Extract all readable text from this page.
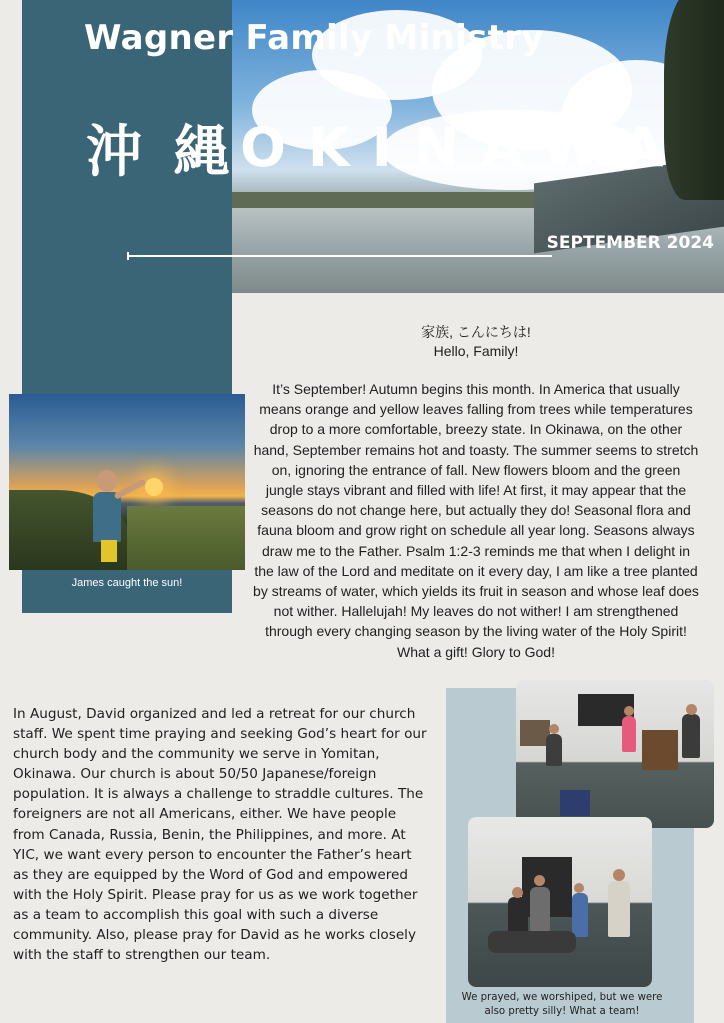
Wagner Family Ministry
沖 縄 OKINAWA
SEPTEMBER 2024
James caught the sun!
家族, こんにちは!
Hello, Family!
It’s September! Autumn begins this month. In America that usually means orange and yellow leaves falling from trees while temperatures drop to a more comfortable, breezy state. In Okinawa, on the other hand, September remains hot and toasty. The summer seems to stretch on, ignoring the entrance of fall. New flowers bloom and the green jungle stays vibrant and filled with life! At first, it may appear that the seasons do not change here, but actually they do! Seasonal flora and fauna bloom and grow right on schedule all year long. Seasons always draw me to the Father. Psalm 1:2-3 reminds me that when I delight in the law of the Lord and meditate on it every day, I am like a tree planted by streams of water, which yields its fruit in season and whose leaf does not wither. Hallelujah! My leaves do not wither! I am strengthened through every changing season by the living water of the Holy Spirit! What a gift! Glory to God!
In August, David organized and led a retreat for our church staff. We spent time praying and seeking God’s heart for our church body and the community we serve in Yomitan, Okinawa. Our church is about 50/50 Japanese/foreign population. It is always a challenge to straddle cultures. The foreigners are not all Americans, either. We have people from Canada, Russia, Benin, the Philippines, and more. At YIC, we want every person to encounter the Father’s heart as they are equipped by the Word of God and empowered with the Holy Spirit. Please pray for us as we work together as a team to accomplish this goal with such a diverse community. Also, please pray for David as he works closely with the staff to strengthen our team.
We prayed, we worshiped, but we were also pretty silly! What a team!
